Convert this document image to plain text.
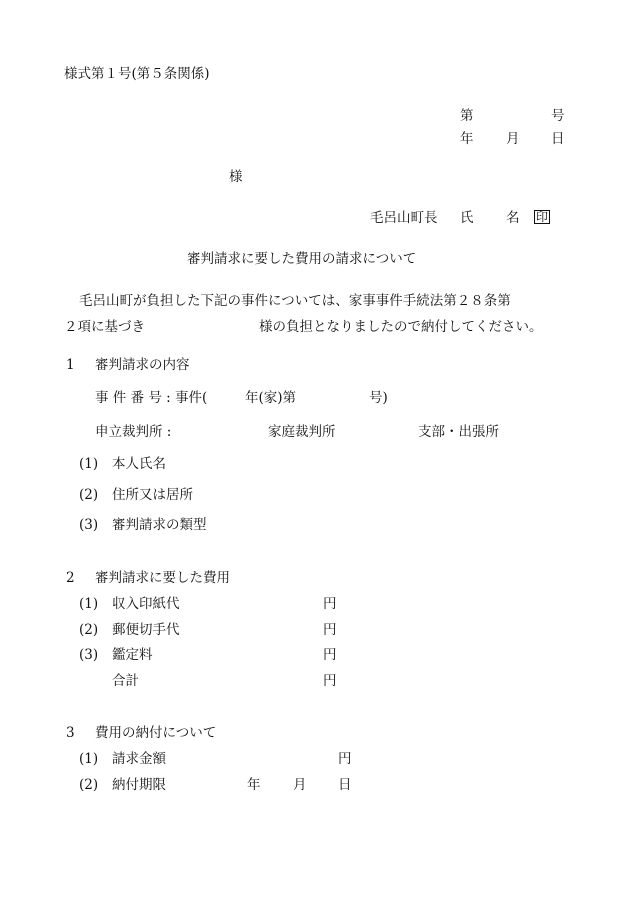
様式第１号(第５条関係)
第	号
年 月 日
様
毛呂山町長 氏 名 印
審判請求に要した費用の請求について
毛呂山町が負担した下記の事件については、家事事件手続法第２８条第
２項に基づき	様の負担となりましたので納付してください。
1 審判請求の内容
事 件 番 号 : 事件(	年(家)第	号)
申立裁判所 :	家庭裁判所	支部・出張所
(1) 本人氏名
(2) 住所又は居所
(3) 審判請求の類型
2 審判請求に要した費用
(1) 収入印紙代	円
(2) 郵便切手代	円
(3) 鑑定料	円
合計	円
3 費用の納付について
(1) 請求金額	円
(2) 納付期限	年 月 日
